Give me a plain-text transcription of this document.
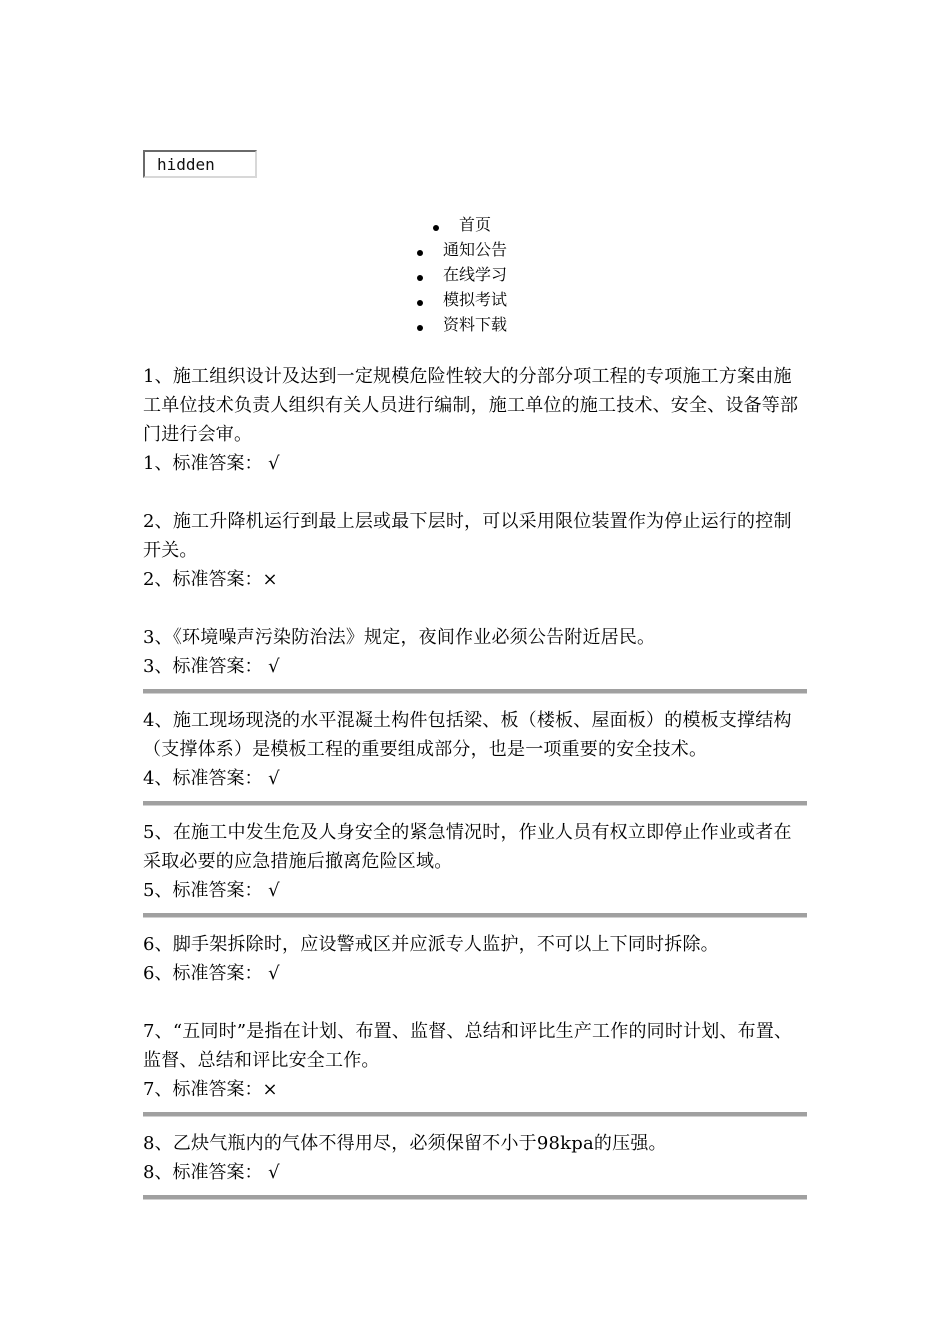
hidden
首页
通知公告
在线学习
模拟考试
资料下载

1、施工组织设计及达到一定规模危险性较大的分部分项工程的专项施工方案由施工单位技术负责人组织有关人员进行编制，施工单位的施工技术、安全、设备等部门进行会审。

1、标准答案： √

2、施工升降机运行到最上层或最下层时，可以采用限位装置作为停止运行的控制开关。

2、标准答案：×

3、《环境噪声污染防治法》规定，夜间作业必须公告附近居民。

3、标准答案： √

4、施工现场现浇的水平混凝土构件包括梁、板（楼板、屋面板）的模板支撑结构（支撑体系）是模板工程的重要组成部分，也是一项重要的安全技术。

4、标准答案： √

5、在施工中发生危及人身安全的紧急情况时，作业人员有权立即停止作业或者在采取必要的应急措施后撤离危险区域。

5、标准答案： √

6、脚手架拆除时，应设警戒区并应派专人监护，不可以上下同时拆除。

6、标准答案： √

7、“五同时”是指在计划、布置、监督、总结和评比生产工作的同时计划、布置、监督、总结和评比安全工作。

7、标准答案：×

8、乙炔气瓶内的气体不得用尽，必须保留不小于98kpa的压强。

8、标准答案： √
